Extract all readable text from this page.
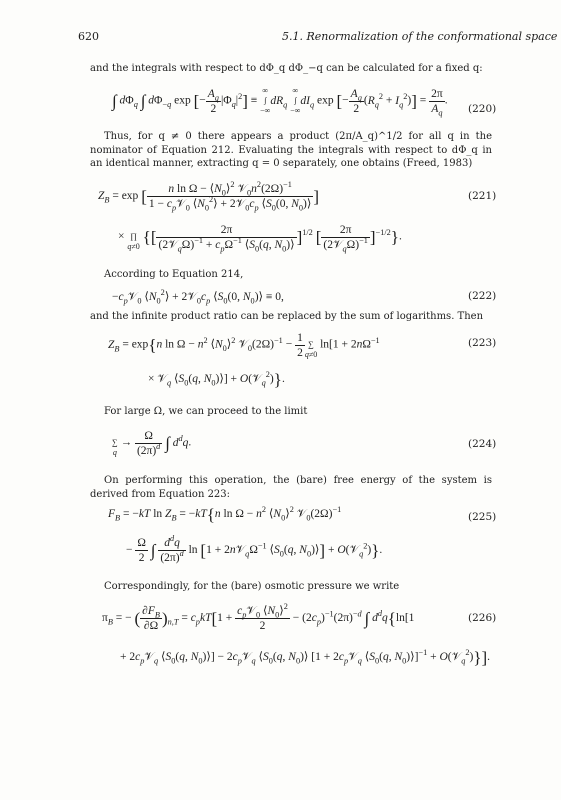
620	5.1. Renormalization of the conformational space
and the integrals with respect to dΦ_q dΦ_−q can be calculated for a fixed q:
∫ $d\Phi_q$ ∫ $d\Phi_{-q}$ exp [− $\frac{A_q}{2} |\Phi_q|^2$] ≡
∞
∫
−∞
$dR_q$
∞
∫
−∞
$dI_q$ exp [− $\frac{A_q}{2} (R_q^2 + I_q^2)] = \frac{2\pi}{A_q}$ .
(220)
Thus, for q ≠ 0 there appears a product (2π/A_q)^1/2 for all q in the nominator of Equation 212. Evaluating the integrals with respect to dΦ_q in an identical manner, extracting q = 0 separately, one obtains (Freed, 1983)
$Z_B = \exp$ [ $\frac{n \ln \Omega - ⟨N_0⟩^2 𝒱_0n^2(2\Omega)^{-1}}{1 - c_p𝒱_0 ⟨N_0^2⟩ + 2𝒱_0c_p ⟨S_0(0, N_0)⟩}$ ]	(221)
×
∏
q≠0 {[ $\frac{2\pi}{(2𝒱_q\Omega)^{-1} + c_p\Omega^{-1} ⟨S_0(q, N_0)⟩} ]^{1/2}$ [ $\frac{2\pi}{(2𝒱_q\Omega)^{-1}} ]^{-1/2}$}.
According to Equation 214,
$-c_p𝒱_0$ $⟨N_0^2⟩$ + $2𝒱_0c_p$ $⟨S_0(0$, $N_0)⟩ \equiv 0$,	(222)
and the infinite product ratio can be replaced by the sum of logarithms. Then
$Z_B = \exp\{n$ $\ln \Omega - n^2$ $⟨N_0⟩^2$ $𝒱_0(2\Omega)^{-1} - \frac{1}{2}$
∑
q≠0
$\ln[1 + 2n\Omega^{-1}$	(223)
× 𝒱$_q$ $⟨S_0(q$, $N_0)⟩$] + O(𝒱$_q^2$)}.
For large Ω, we can proceed to the limit

∑
q
→ $\frac{\Omega}{(2\pi)^d}$ ∫ $d^dq$.	(224)
On performing this operation, the (bare) free energy of the system is derived from Equation 223:
$F_B = -kT$ $\ln Z_B = -kT\{n$ $\ln \Omega - n^2$ $⟨N_0⟩^2$ $𝒱_0(2\Omega)^{-1}$
(225)
− $\frac{\Omega}{2}$ ∫ $\frac{d^dq}{(2\pi)^d}$ $\ln [1 + 2n𝒱_q\Omega^{-1}$ $⟨S_0(q$, $N_0)⟩$] + O(𝒱$_q^2$)}.
Correspondingly, for the (bare) osmotic pressure we write
$\pi_B$ = − ( $\frac{\partial F_B}{\partial\Omega} )_{n,T} = c_pkT[1 + \frac{c_p𝒱_0 ⟨N_0⟩^2}{2} - (2c_p)^{-1}(2\pi)^{-d}$ ∫ $d^dq\{\ln[1$	(226)
+ $2c_p𝒱_q$ $⟨S_0(q$, $N_0)⟩$] − $2c_p𝒱_q$ $⟨S_0(q$, $N_0)⟩$ [$1 + 2c_p𝒱_q$ $⟨S_0(q$, $N_0)⟩]^{-1}$ + O(𝒱$_q^2$)}].
